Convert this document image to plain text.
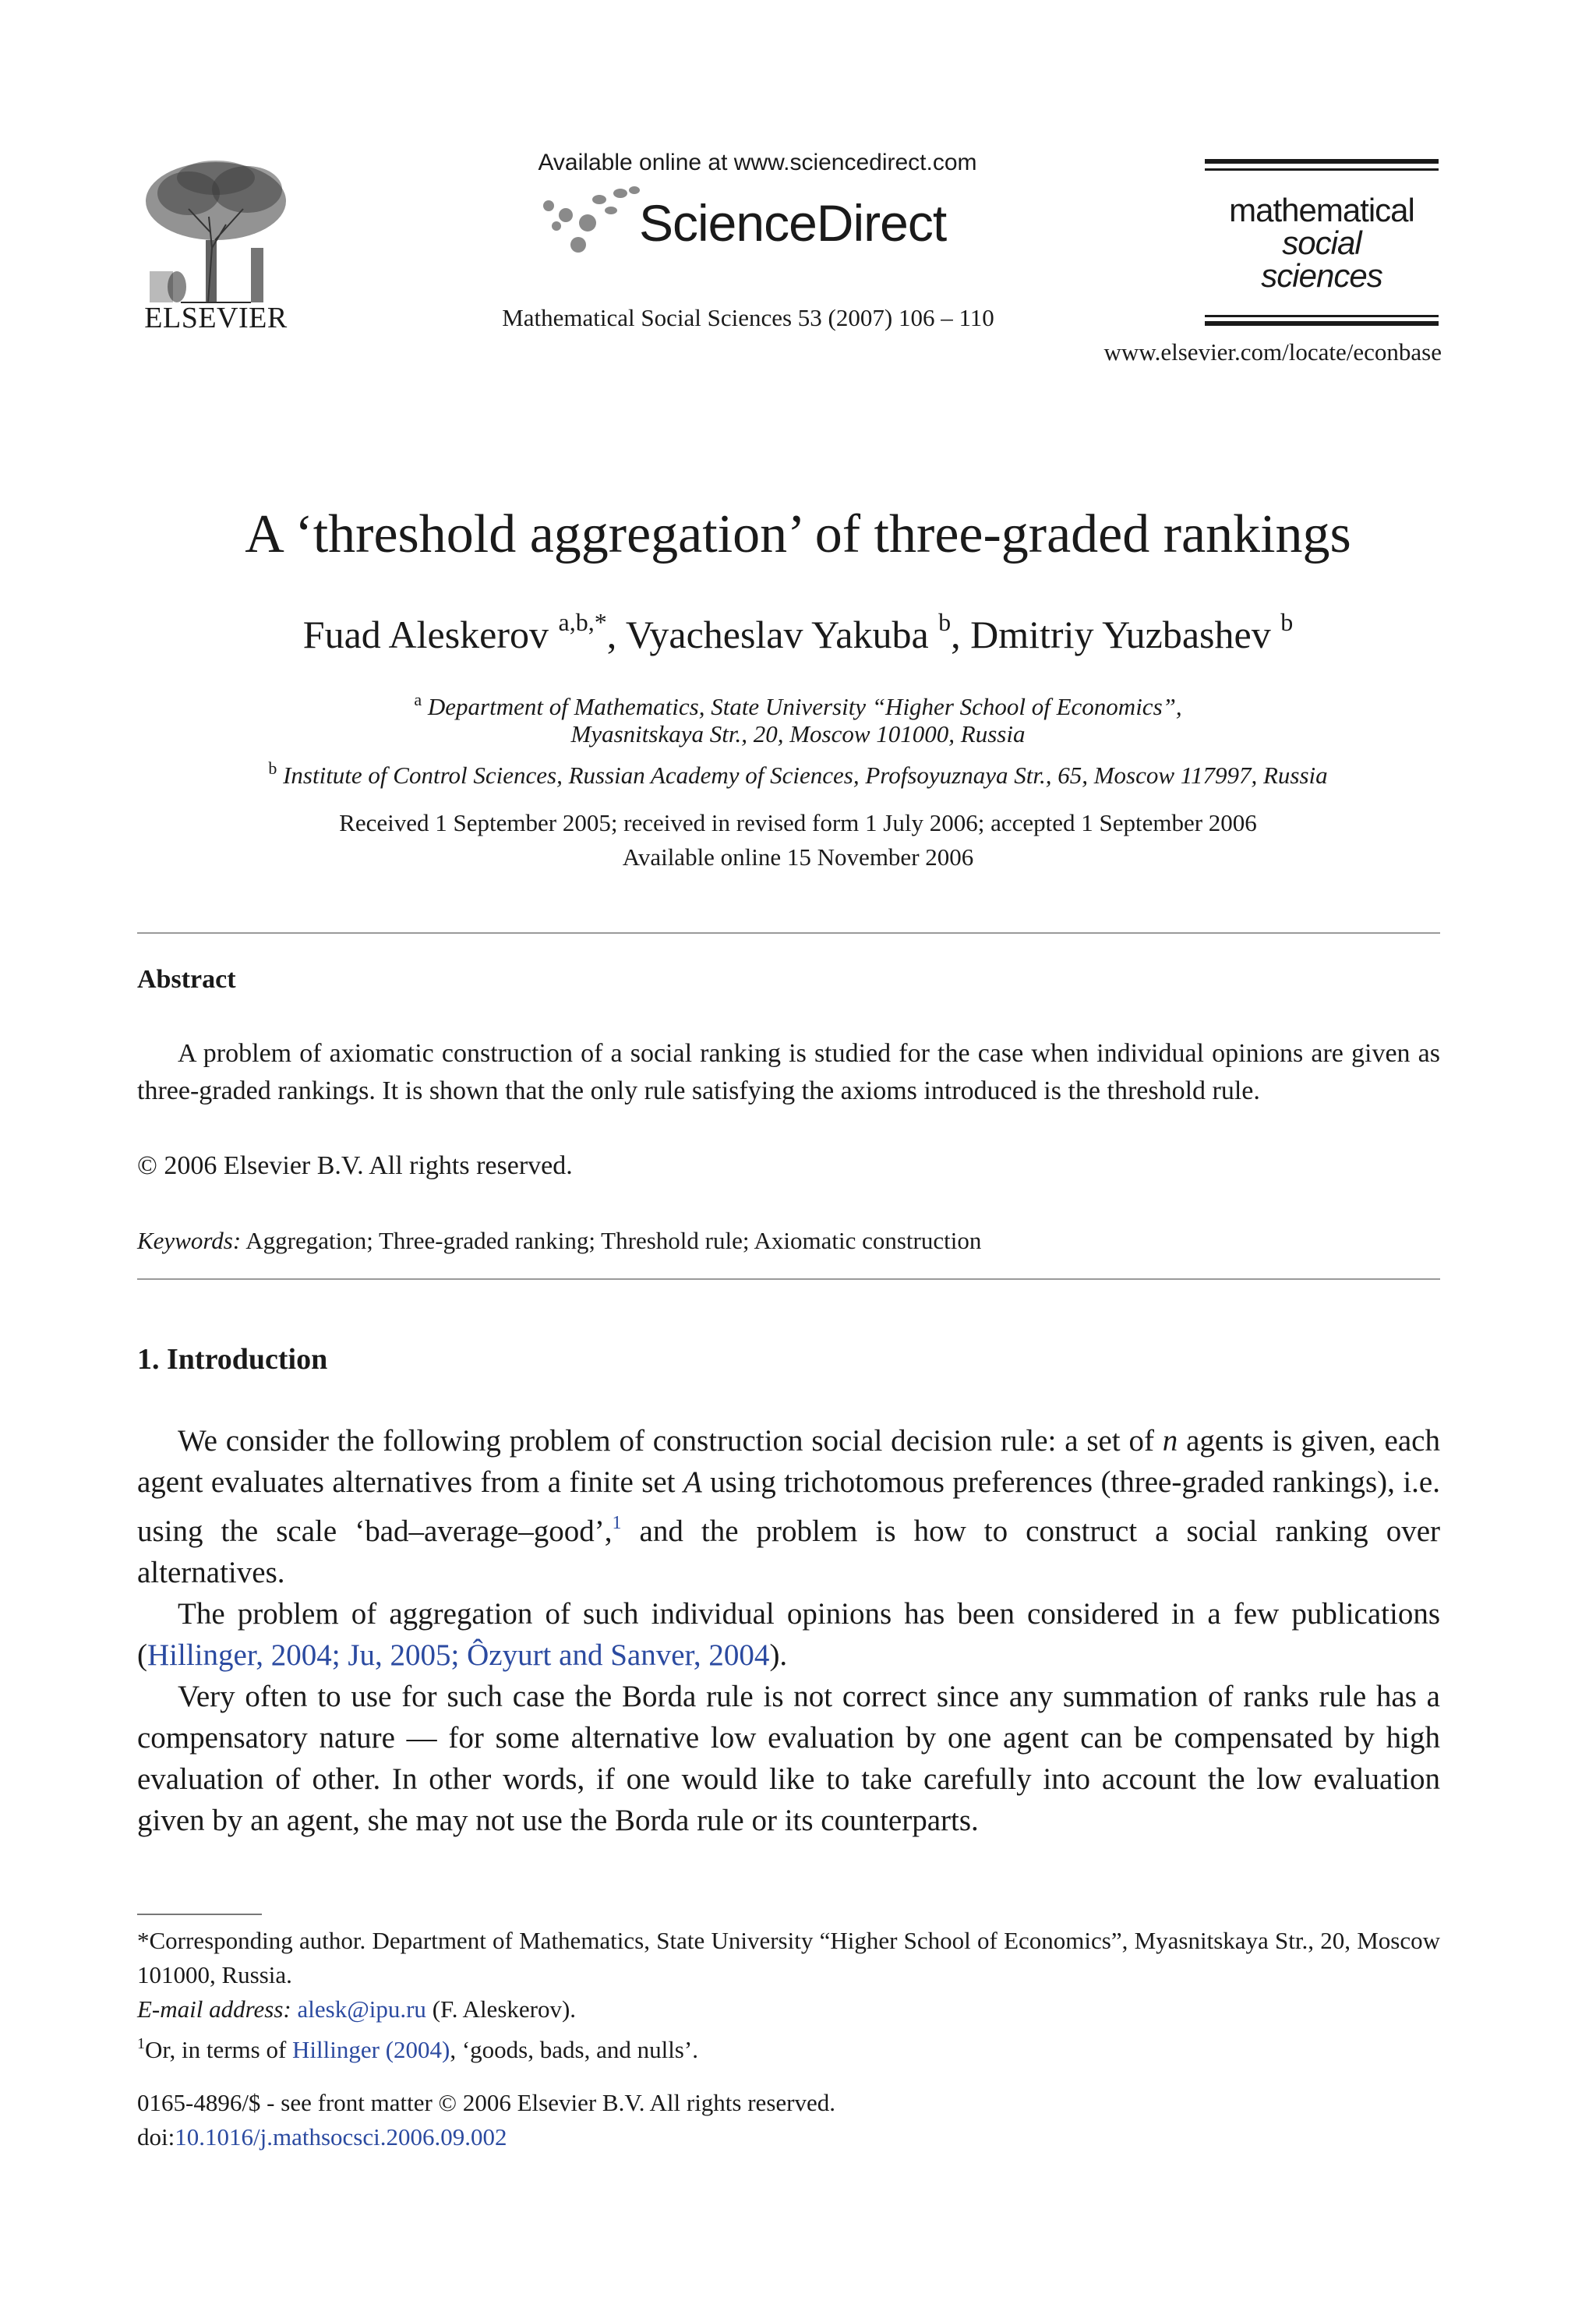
ELSEVIER
Available online at www.sciencedirect.com
ScienceDirect
Mathematical Social Sciences 53 (2007) 106 – 110
mathematical
social
sciences
www.elsevier.com/locate/econbase
A ‘threshold aggregation’ of three-graded rankings
Fuad Aleskerov $^{a,b,*}$, Vyacheslav Yakuba $^b$, Dmitriy Yuzbashev $^b$
$^a$ Department of Mathematics, State University “Higher School of Economics”,
Myasnitskaya Str., 20, Moscow 101000, Russia
$^b$ Institute of Control Sciences, Russian Academy of Sciences, Profsoyuznaya Str., 65, Moscow 117997, Russia
Received 1 September 2005; received in revised form 1 July 2006; accepted 1 September 2006
Available online 15 November 2006
Abstract
A problem of axiomatic construction of a social ranking is studied for the case when individual opinions are given as three-graded rankings. It is shown that the only rule satisfying the axioms introduced is the threshold rule.
© 2006 Elsevier B.V. All rights reserved.
Keywords: Aggregation; Three-graded ranking; Threshold rule; Axiomatic construction
1. Introduction

We consider the following problem of construction social decision rule: a set of n agents is given, each agent evaluates alternatives from a finite set A using trichotomous preferences (three-graded rankings), i.e. using the scale ‘bad–average–good’,$^1$ and the problem is how to construct a social ranking over alternatives.

The problem of aggregation of such individual opinions has been considered in a few publications (Hillinger, 2004; Ju, 2005; Ôzyurt and Sanver, 2004).

Very often to use for such case the Borda rule is not correct since any summation of ranks rule has a compensatory nature — for some alternative low evaluation by one agent can be compensated by high evaluation of other. In other words, if one would like to take carefully into account the low evaluation given by an agent, she may not use the Borda rule or its counterparts.

*Corresponding author. Department of Mathematics, State University “Higher School of Economics”, Myasnitskaya Str., 20, Moscow 101000, Russia.
E-mail address: alesk@ipu.ru (F. Aleskerov).
$^1$Or, in terms of Hillinger (2004), ‘goods, bads, and nulls’.
0165-4896/$ - see front matter © 2006 Elsevier B.V. All rights reserved.
doi:10.1016/j.mathsocsci.2006.09.002
